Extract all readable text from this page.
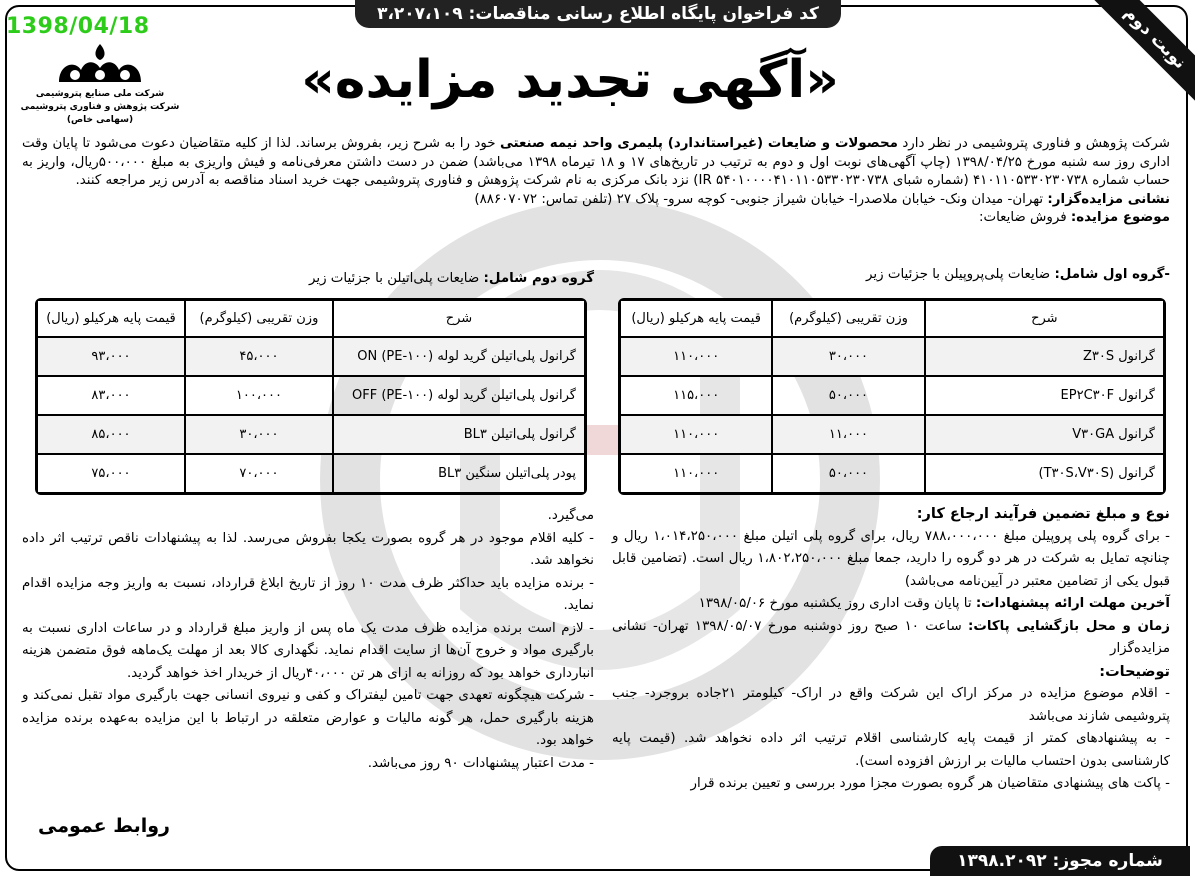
کد فراخوان پایگاه اطلاع رسانی مناقصات: ۳،۲۰۷،۱۰۹
1398/04/18
شرکت ملی صنایع پتروشیمی
شرکت پژوهش و فناوری پتروشیمی
(سهامی خاص)
«آگهی تجدید مزایده»
نوبت دوم

شرکت پژوهش و فناوری پتروشیمی در نظر دارد محصولات و ضایعات (غیراستاندارد) پلیمری واحد نیمه صنعتی خود را به شرح زیر، بفروش برساند. لذا از کلیه متقاضیان دعوت می‌شود تا پایان وقت اداری روز سه شنبه مورخ ۱۳۹۸/۰۴/۲۵ (چاپ آگهی‌های نوبت اول و دوم به ترتیب در تاریخ‌های ۱۷ و ۱۸ تیرماه ۱۳۹۸ می‌باشد) ضمن در دست داشتن معرفی‌نامه و فیش واریزی به مبلغ ۵۰۰،۰۰۰ریال، واریز به حساب شماره ۴۱۰۱۱۰۵۳۳۰۲۳۰۷۳۸ (شماره شبای IR ۵۴۰۱۰۰۰۰۴۱۰۱۱۰۵۳۳۰۲۳۰۷۳۸) نزد بانک مرکزی به نام شرکت پژوهش و فناوری پتروشیمی جهت خرید اسناد مناقصه به آدرس زیر مراجعه کنند.

نشانی مزایده‌گزار: تهران- میدان ونک- خیابان ملاصدرا- خیابان شیراز جنوبی- کوچه سرو- پلاک ۲۷ (تلفن تماس: ۸۸۶۰۷۰۷۲)

موضوع مزایده: فروش ضایعات:

-گروه اول شامل: ضایعات پلی‌پروپیلن با جزئیات زیر
گروه دوم شامل: ضایعات پلی‌اتیلن با جزئیات زیر
شرح	وزن تقریبی (کیلوگرم)	قیمت پایه هرکیلو (ریال)
گرانول Z۳۰S	۳۰،۰۰۰	۱۱۰،۰۰۰
گرانول EP۲C۳۰F	۵۰،۰۰۰	۱۱۵،۰۰۰
گرانول V۳۰GA	۱۱،۰۰۰	۱۱۰،۰۰۰
گرانول (T۳۰S،V۳۰S)	۵۰،۰۰۰	۱۱۰،۰۰۰
شرح	وزن تقریبی (کیلوگرم)	قیمت پایه هرکیلو (ریال)
گرانول پلی‌اتیلن گرید لوله ON (PE-۱۰۰)	۴۵،۰۰۰	۹۳،۰۰۰
گرانول پلی‌اتیلن گرید لوله OFF (PE-۱۰۰)	۱۰۰،۰۰۰	۸۳،۰۰۰
گرانول پلی‌اتیلن BL۳	۳۰،۰۰۰	۸۵،۰۰۰
پودر پلی‌اتیلن سنگین BL۳	۷۰،۰۰۰	۷۵،۰۰۰

نوع و مبلغ تضمین فرآیند ارجاع کار:

- برای گروه پلی پروپیلن مبلغ ۷۸۸،۰۰۰،۰۰۰ ریال، برای گروه پلی اتیلن مبلغ ۱،۰۱۴،۲۵۰،۰۰۰ ریال و چنانچه تمایل به شرکت در هر دو گروه را دارید، جمعا مبلغ ۱،۸۰۲،۲۵۰،۰۰۰ ریال است. (تضامین قابل قبول یکی از تضامین معتبر در آیین‌نامه می‌باشد)

آخرین مهلت ارائه پیشنهادات: تا پایان وقت اداری روز یکشنبه مورخ ۱۳۹۸/۰۵/۰۶

زمان و محل بازگشایی پاکات: ساعت ۱۰ صبح روز دوشنبه مورخ ۱۳۹۸/۰۵/۰۷ تهران- نشانی مزایده‌گزار

توضیحات:

- اقلام موضوع مزایده در مرکز اراک این شرکت واقع در اراک- کیلومتر ۲۱جاده بروجرد- جنب پتروشیمی شازند می‌باشد

- به پیشنهادهای کمتر از قیمت پایه کارشناسی اقلام ترتیب اثر داده نخواهد شد. (قیمت پایه کارشناسی بدون احتساب مالیات بر ارزش افزوده است).

- پاکت های پیشنهادی متقاضیان هر گروه بصورت مجزا مورد بررسی و تعیین برنده قرار

می‌گیرد.

- کلیه اقلام موجود در هر گروه بصورت یکجا بفروش می‌رسد. لذا به پیشنهادات ناقص ترتیب اثر داده نخواهد شد.

- برنده مزایده باید حداکثر ظرف مدت ۱۰ روز از تاریخ ابلاغ قرارداد، نسبت به واریز وجه مزایده اقدام نماید.

- لازم است برنده مزایده ظرف مدت یک ماه پس از واریز مبلغ قرارداد و در ساعات اداری نسبت به بارگیری مواد و خروج آن‌ها از سایت اقدام نماید. نگهداری کالا بعد از مهلت یک‌ماهه فوق متضمن هزینه انبارداری خواهد بود که روزانه به ازای هر تن ۴۰،۰۰۰ریال از خریدار اخذ خواهد گردید.

- شرکت هیچگونه تعهدی جهت تامین لیفتراک و کفی و نیروی انسانی جهت بارگیری مواد تقبل نمی‌کند و هزینه بارگیری حمل، هر گونه مالیات و عوارض متعلقه در ارتباط با این مزایده به‌عهده برنده مزایده خواهد بود.

- مدت اعتبار پیشنهادات ۹۰ روز می‌باشد.

روابط عمومی
شماره مجوز: ۱۳۹۸.۲۰۹۲
